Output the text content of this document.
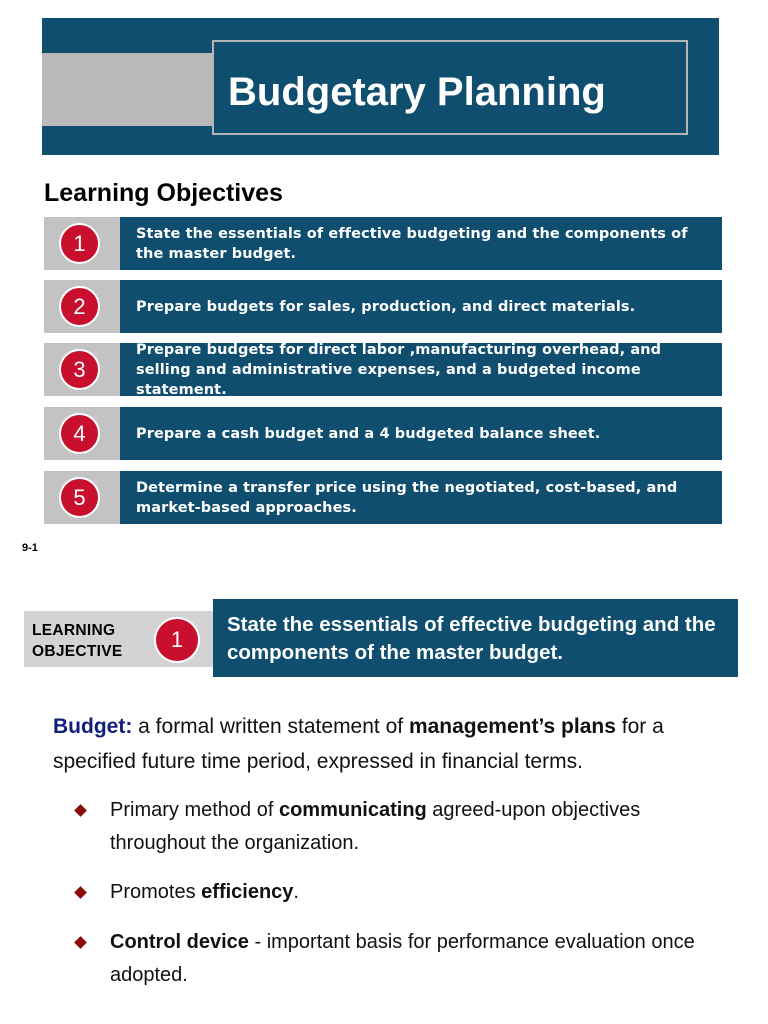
Budgetary Planning
Learning Objectives
State the essentials of effective budgeting and the components of the master budget.
1
Prepare budgets for sales, production, and direct materials.
2
Prepare budgets for direct labor ,manufacturing overhead, and selling and administrative expenses, and a budgeted income statement.
3
Prepare a cash budget and a 4 budgeted balance sheet.
4
Determine a transfer price using the negotiated, cost-based, and market-based approaches.
5

9-1

LEARNING
OBJECTIVE

State the essentials of effective budgeting and the components of the master budget.

1

Budget: a formal written statement of management’s plans for a specified future time period, expressed in financial terms.

Primary method of communicating agreed-upon objectives throughout the organization.

Promotes efficiency.

Control device - important basis for performance evaluation once adopted.
